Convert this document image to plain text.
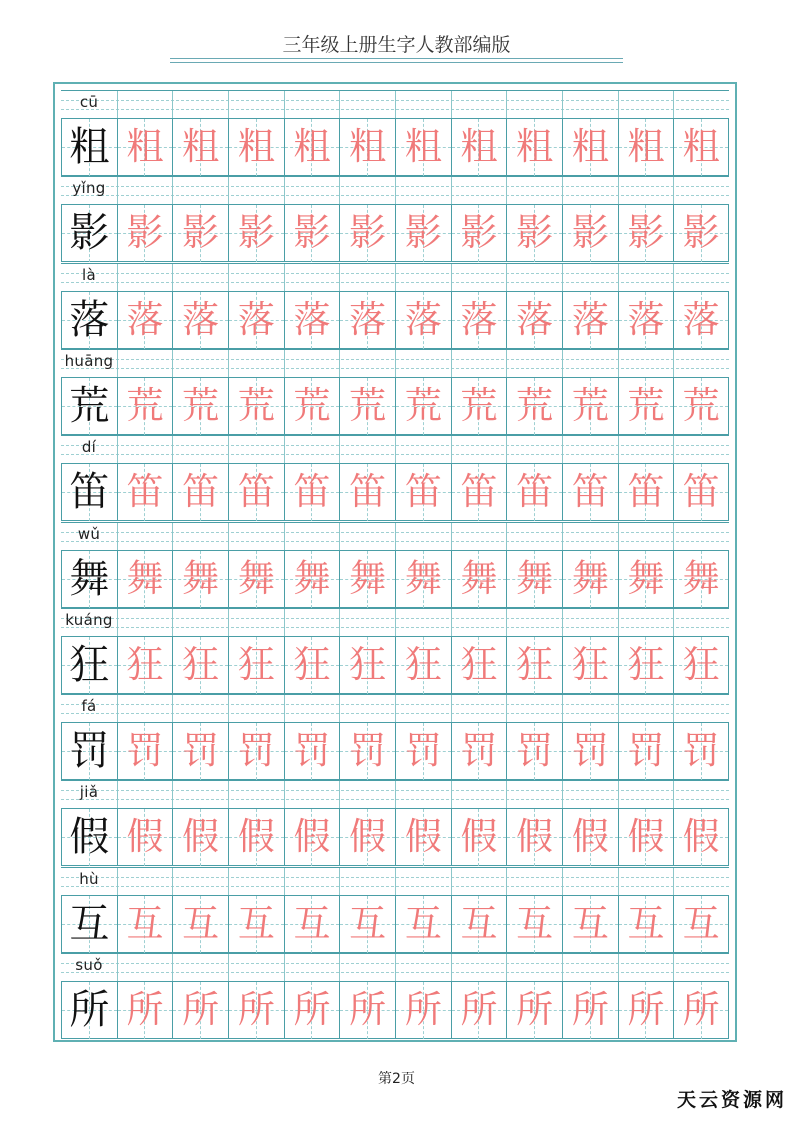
三年级上册生字人教部编版
cū
粗 粗 粗 粗 粗 粗 粗 粗 粗 粗 粗 粗
yǐng
影 影 影 影 影 影 影 影 影 影 影 影
là
落 落 落 落 落 落 落 落 落 落 落 落
huāng
荒 荒 荒 荒 荒 荒 荒 荒 荒 荒 荒 荒
dí
笛 笛 笛 笛 笛 笛 笛 笛 笛 笛 笛 笛
wǔ
舞 舞 舞 舞 舞 舞 舞 舞 舞 舞 舞 舞
kuáng
狂 狂 狂 狂 狂 狂 狂 狂 狂 狂 狂 狂
fá
罚 罚 罚 罚 罚 罚 罚 罚 罚 罚 罚 罚
jiǎ
假 假 假 假 假 假 假 假 假 假 假 假
hù
互 互 互 互 互 互 互 互 互 互 互 互
suǒ
所 所 所 所 所 所 所 所 所 所 所 所
第2页
天云资源网
